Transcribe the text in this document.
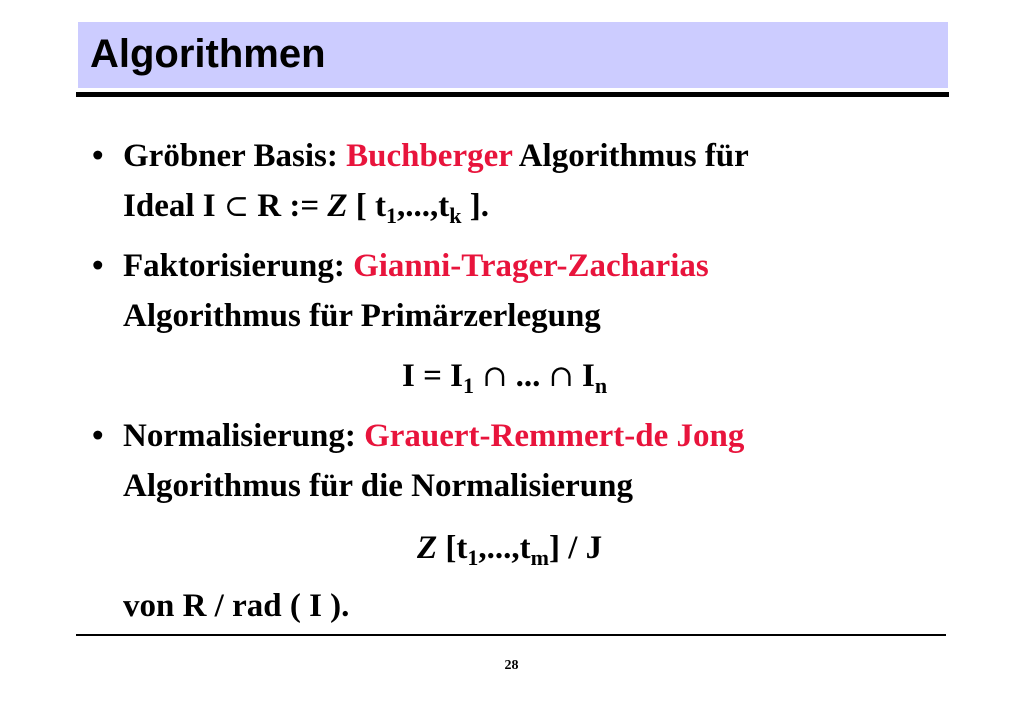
Algorithmen
• Gröbner Basis: Buchberger Algorithmus für
Ideal I ⊂ R := Z [ $t_1,...,t_k$ ].
• Faktorisierung: Gianni-Trager-Zacharias
Algorithmus für Primärzerlegung
$I = I_1$ ∩ ... ∩ $I_n$
• Normalisierung: Grauert-Remmert-de Jong
Algorithmus für die Normalisierung
Z $[t_1,...,t_m]$ / J
von R / rad ( I ).
28
